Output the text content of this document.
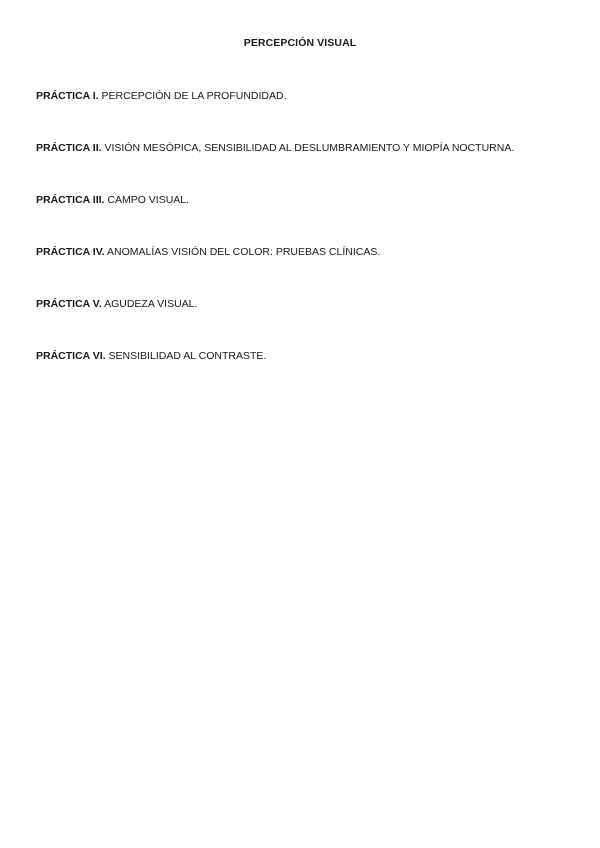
PERCEPCIÓN VISUAL
PRÁCTICA I. PERCEPCIÓN DE LA PROFUNDIDAD.
PRÁCTICA II. VISIÓN MESÓPICA, SENSIBILIDAD AL DESLUMBRAMIENTO Y MIOPÍA NOCTURNA.
PRÁCTICA III. CAMPO VISUAL.
PRÁCTICA IV. ANOMALÍAS VISIÓN DEL COLOR: PRUEBAS CLÍNICAS.
PRÁCTICA V. AGUDEZA VISUAL.
PRÁCTICA VI. SENSIBILIDAD AL CONTRASTE.
